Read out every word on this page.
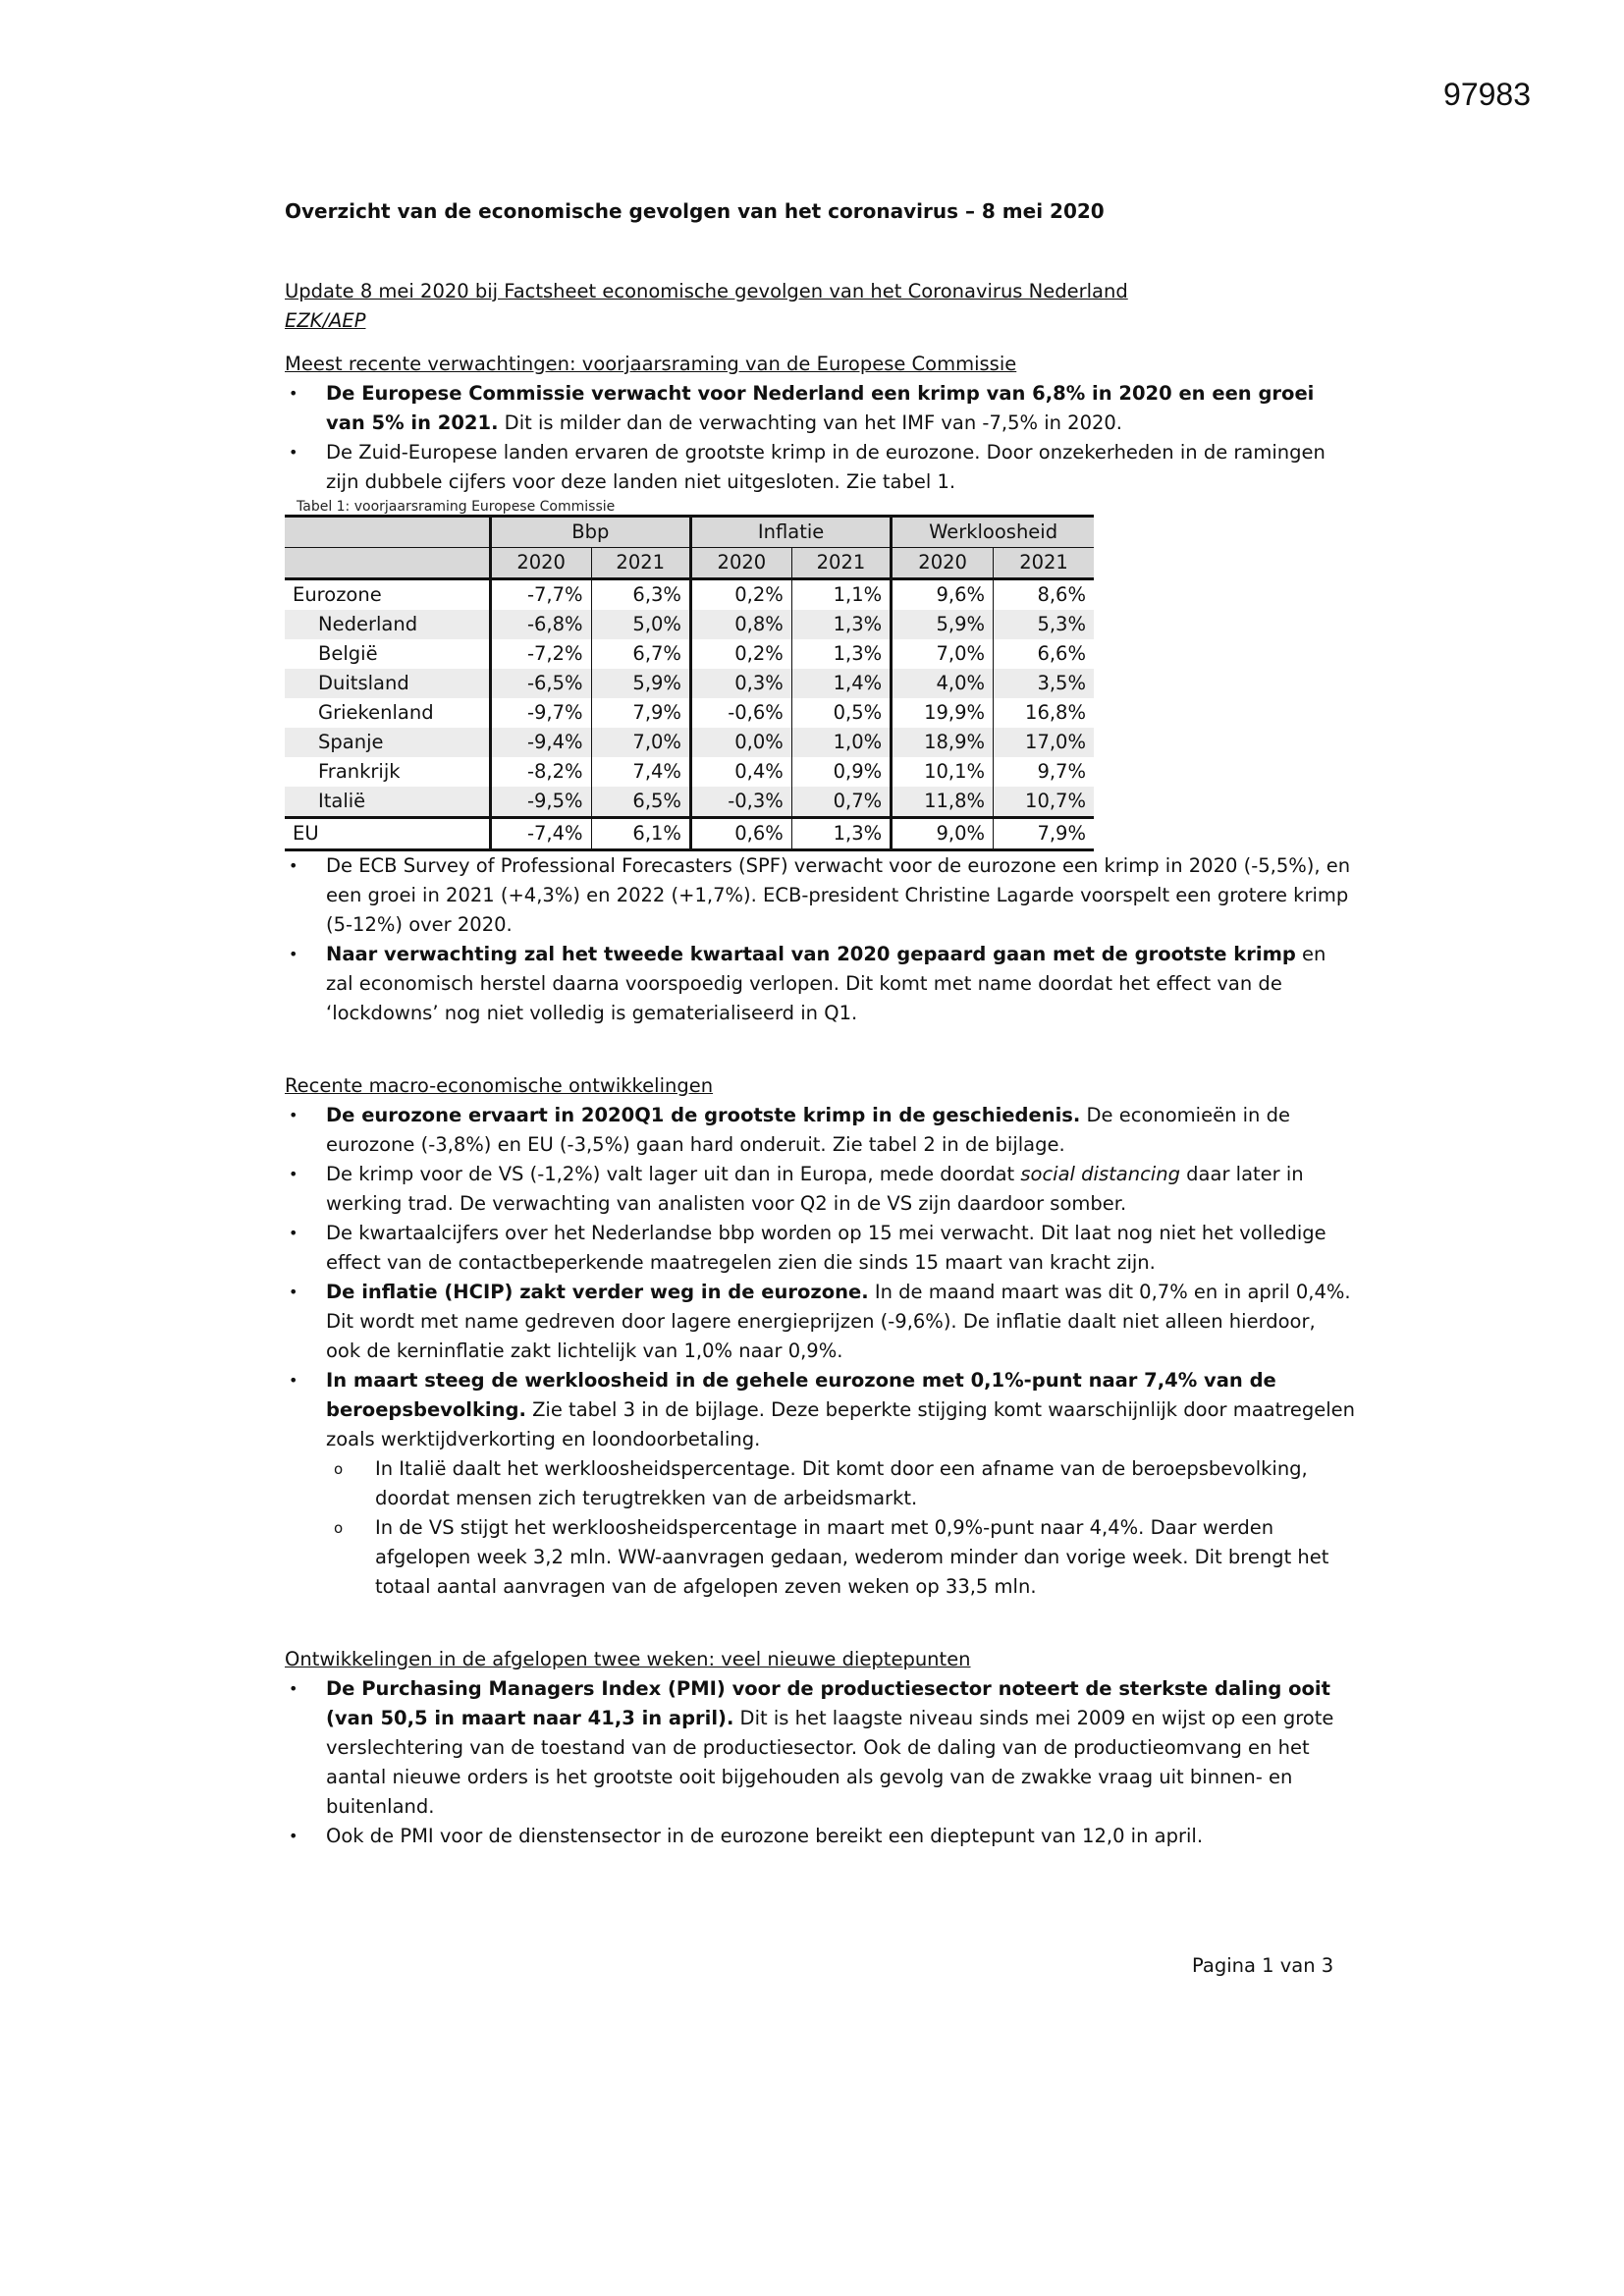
97983

Overzicht van de economische gevolgen van het coronavirus – 8 mei 2020

Update 8 mei 2020 bij Factsheet economische gevolgen van het Coronavirus Nederland

EZK/AEP

Meest recente verwachtingen: voorjaarsraming van de Europese Commissie

• De Europese Commissie verwacht voor Nederland een krimp van 6,8% in 2020 en een groei van 5% in 2021. Dit is milder dan de verwachting van het IMF van -7,5% in 2020.
• De Zuid-Europese landen ervaren de grootste krimp in de eurozone. Door onzekerheden in de ramingen zijn dubbele cijfers voor deze landen niet uitgesloten. Zie tabel 1.
Tabel 1: voorjaarsraming Europese Commissie
	Bbp		Inflatie		Werkloosheid	
	2020	2021	2020	2021	2020	2021
Eurozone	-7,7%	6,3%	0,2%	1,1%	9,6%	8,6%
Nederland	-6,8%	5,0%	0,8%	1,3%	5,9%	5,3%
België	-7,2%	6,7%	0,2%	1,3%	7,0%	6,6%
Duitsland	-6,5%	5,9%	0,3%	1,4%	4,0%	3,5%
Griekenland	-9,7%	7,9%	-0,6%	0,5%	19,9%	16,8%
Spanje	-9,4%	7,0%	0,0%	1,0%	18,9%	17,0%
Frankrijk	-8,2%	7,4%	0,4%	0,9%	10,1%	9,7%
Italië	-9,5%	6,5%	-0,3%	0,7%	11,8%	10,7%
EU	-7,4%	6,1%	0,6%	1,3%	9,0%	7,9%
• De ECB Survey of Professional Forecasters (SPF) verwacht voor de eurozone een krimp in 2020 (-5,5%), en een groei in 2021 (+4,3%) en 2022 (+1,7%). ECB-president Christine Lagarde voorspelt een grotere krimp (5-12%) over 2020.
• Naar verwachting zal het tweede kwartaal van 2020 gepaard gaan met de grootste krimp en zal economisch herstel daarna voorspoedig verlopen. Dit komt met name doordat het effect van de ‘lockdowns’ nog niet volledig is gematerialiseerd in Q1.

Recente macro-economische ontwikkelingen

• De eurozone ervaart in 2020Q1 de grootste krimp in de geschiedenis. De economieën in de eurozone (-3,8%) en EU (-3,5%) gaan hard onderuit. Zie tabel 2 in de bijlage.
• De krimp voor de VS (-1,2%) valt lager uit dan in Europa, mede doordat social distancing daar later in werking trad. De verwachting van analisten voor Q2 in de VS zijn daardoor somber.
• De kwartaalcijfers over het Nederlandse bbp worden op 15 mei verwacht. Dit laat nog niet het volledige effect van de contactbeperkende maatregelen zien die sinds 15 maart van kracht zijn.
• De inflatie (HCIP) zakt verder weg in de eurozone. In de maand maart was dit 0,7% en in april 0,4%. Dit wordt met name gedreven door lagere energieprijzen (-9,6%). De inflatie daalt niet alleen hierdoor, ook de kerninflatie zakt lichtelijk van 1,0% naar 0,9%.
• In maart steeg de werkloosheid in de gehele eurozone met 0,1%-punt naar 7,4% van de beroepsbevolking. Zie tabel 3 in de bijlage. Deze beperkte stijging komt waarschijnlijk door maatregelen zoals werktijdverkorting en loondoorbetaling.
o In Italië daalt het werkloosheidspercentage. Dit komt door een afname van de beroepsbevolking, doordat mensen zich terugtrekken van de arbeidsmarkt.
o In de VS stijgt het werkloosheidspercentage in maart met 0,9%-punt naar 4,4%. Daar werden afgelopen week 3,2 mln. WW-aanvragen gedaan, wederom minder dan vorige week. Dit brengt het totaal aantal aanvragen van de afgelopen zeven weken op 33,5 mln.

Ontwikkelingen in de afgelopen twee weken: veel nieuwe dieptepunten

• De Purchasing Managers Index (PMI) voor de productiesector noteert de sterkste daling ooit (van 50,5 in maart naar 41,3 in april). Dit is het laagste niveau sinds mei 2009 en wijst op een grote verslechtering van de toestand van de productiesector. Ook de daling van de productieomvang en het aantal nieuwe orders is het grootste ooit bijgehouden als gevolg van de zwakke vraag uit binnen- en buitenland.
• Ook de PMI voor de dienstensector in de eurozone bereikt een dieptepunt van 12,0 in april.
Pagina 1 van 3
